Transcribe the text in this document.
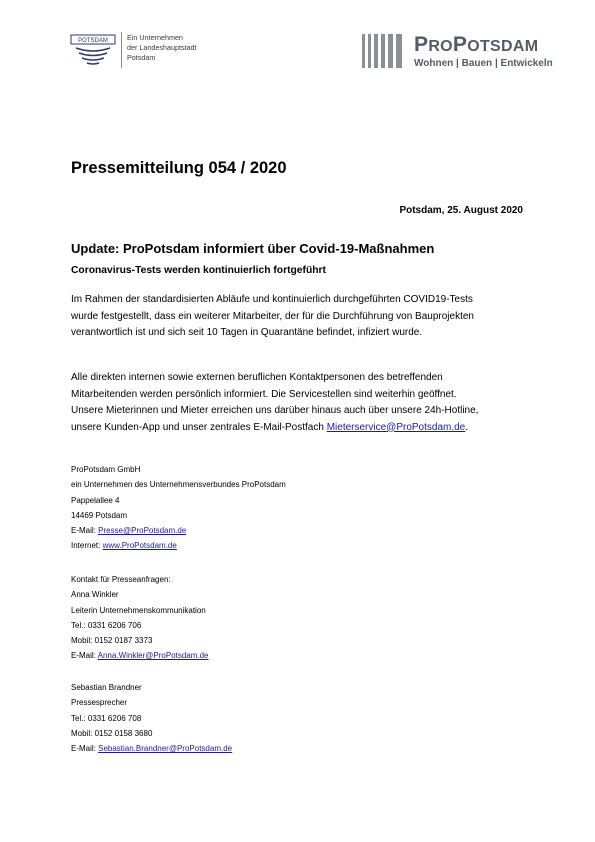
POTSDAM	Ein Unternehmen
der Landeshauptstadt
Potsdam
PROPOTSDAM
Wohnen | Bauen | Entwickeln
Pressemitteilung 054 / 2020
Potsdam, 25. August 2020
Update: ProPotsdam informiert über Covid-19-Maßnahmen
Coronavirus-Tests werden kontinuierlich fortgeführt
Im Rahmen der standardisierten Abläufe und kontinuierlich durchgeführten COVID19-Tests
wurde festgestellt, dass ein weiterer Mitarbeiter, der für die Durchführung von Bauprojekten
verantwortlich ist und sich seit 10 Tagen in Quarantäne befindet, infiziert wurde.
Alle direkten internen sowie externen beruflichen Kontaktpersonen des betreffenden
Mitarbeitenden werden persönlich informiert. Die Servicestellen sind weiterhin geöffnet.
Unsere Mieterinnen und Mieter erreichen uns darüber hinaus auch über unsere 24h-Hotline,
unsere Kunden-App und unser zentrales E-Mail-Postfach Mieterservice@ProPotsdam.de.
ProPotsdam GmbH
ein Unternehmen des Unternehmensverbundes ProPotsdam
Pappelallee 4
14469 Potsdam
E-Mail: Presse@ProPotsdam.de
Internet: www.ProPotsdam.de
Kontakt für Presseanfragen:
Anna Winkler
Leiterin Unternehmenskommunikation
Tel.: 0331 6206 706
Mobil: 0152 0187 3373
E-Mail: Anna.Winkler@ProPotsdam.de
Sebastian Brandner
Pressesprecher
Tel.: 0331 6206 708
Mobil: 0152 0158 3680
E-Mail: Sebastian.Brandner@ProPotsdam.de
